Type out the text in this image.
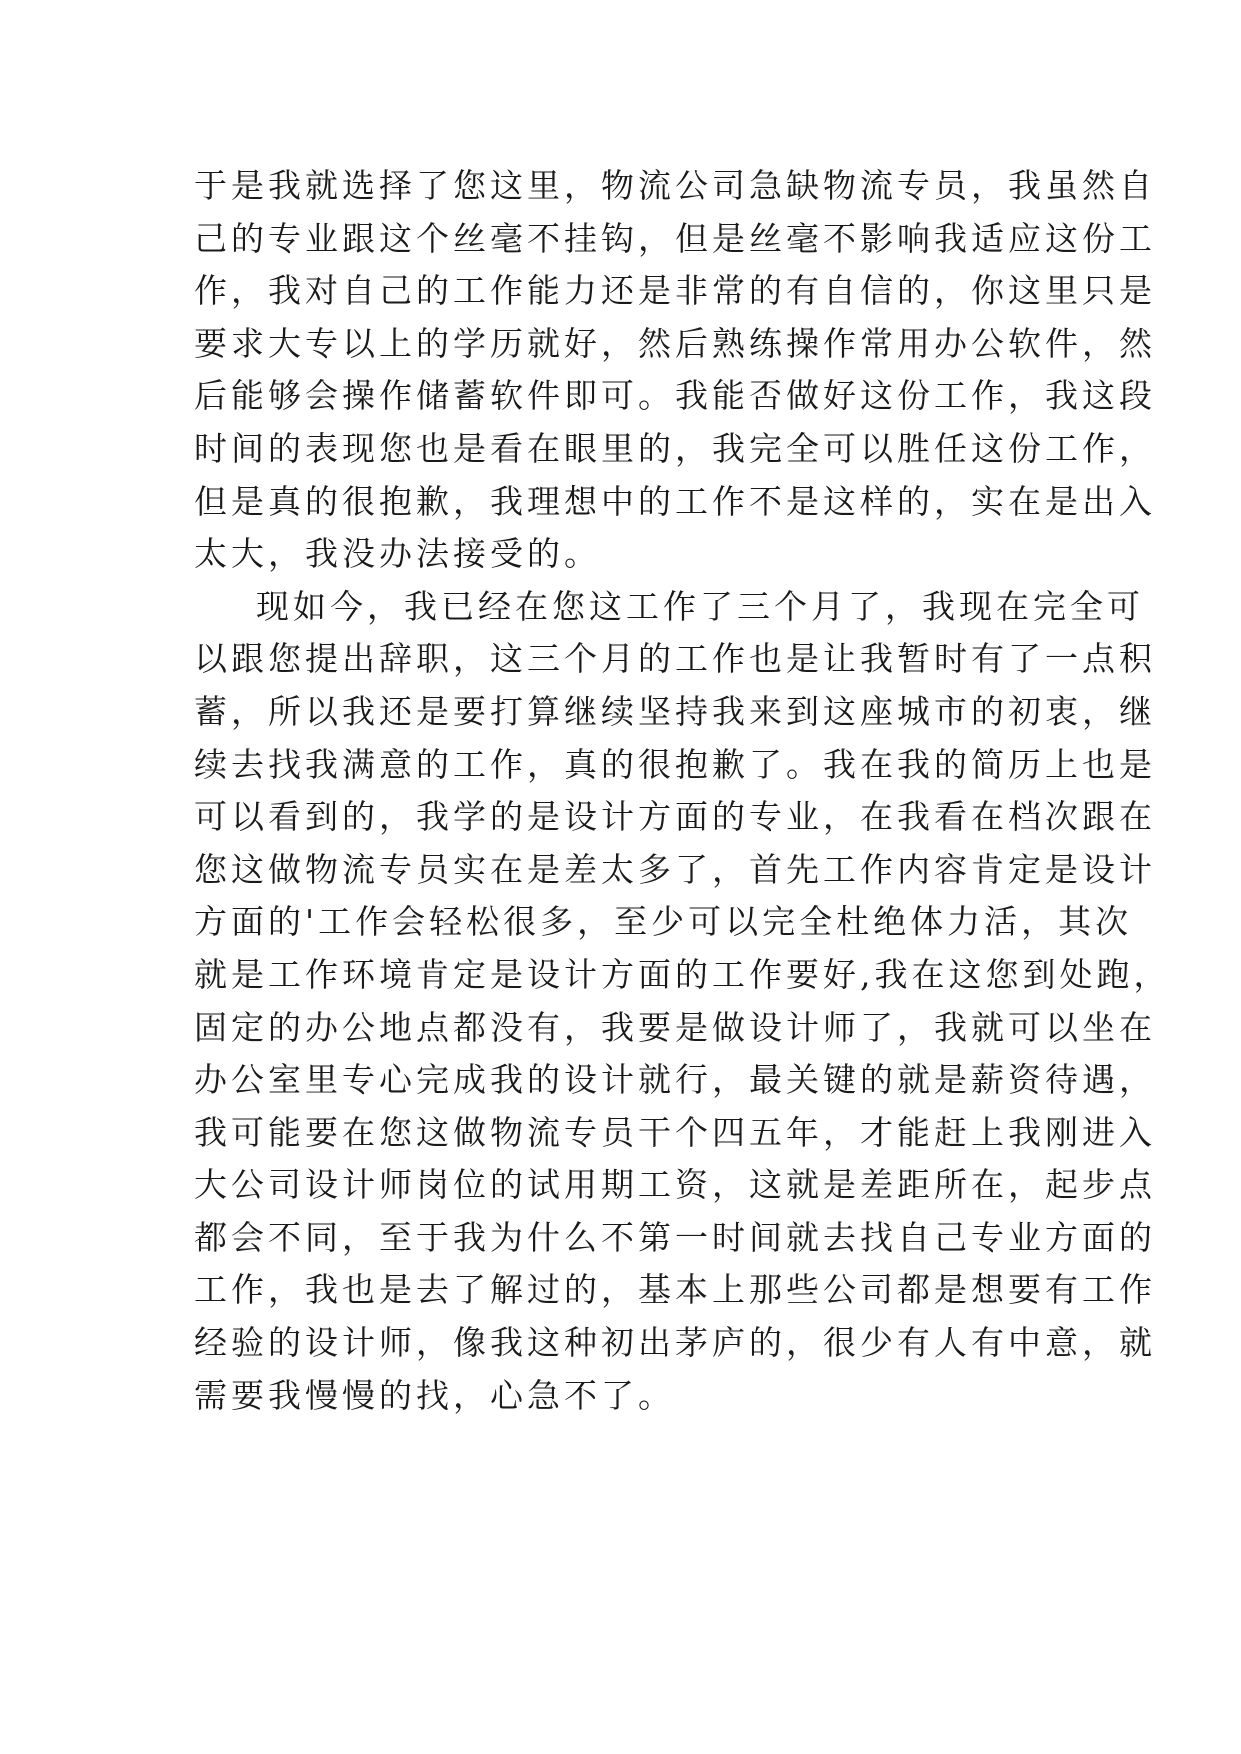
于是我就选择了您这里，物流公司急缺物流专员，我虽然自
己的专业跟这个丝毫不挂钩，但是丝毫不影响我适应这份工
作，我对自己的工作能力还是非常的有自信的，你这里只是
要求大专以上的学历就好，然后熟练操作常用办公软件，然
后能够会操作储蓄软件即可。我能否做好这份工作，我这段
时间的表现您也是看在眼里的，我完全可以胜任这份工作，
但是真的很抱歉，我理想中的工作不是这样的，实在是出入
太大，我没办法接受的。
现如今，我已经在您这工作了三个月了，我现在完全可
以跟您提出辞职，这三个月的工作也是让我暂时有了一点积
蓄，所以我还是要打算继续坚持我来到这座城市的初衷，继
续去找我满意的工作，真的很抱歉了。我在我的简历上也是
可以看到的，我学的是设计方面的专业，在我看在档次跟在
您这做物流专员实在是差太多了，首先工作内容肯定是设计
方面的'工作会轻松很多，至少可以完全杜绝体力活，其次
就是工作环境肯定是设计方面的工作要好,我在这您到处跑，
固定的办公地点都没有，我要是做设计师了，我就可以坐在
办公室里专心完成我的设计就行，最关键的就是薪资待遇，
我可能要在您这做物流专员干个四五年，才能赶上我刚进入
大公司设计师岗位的试用期工资，这就是差距所在，起步点
都会不同，至于我为什么不第一时间就去找自己专业方面的
工作，我也是去了解过的，基本上那些公司都是想要有工作
经验的设计师，像我这种初出茅庐的，很少有人有中意，就
需要我慢慢的找，心急不了。
